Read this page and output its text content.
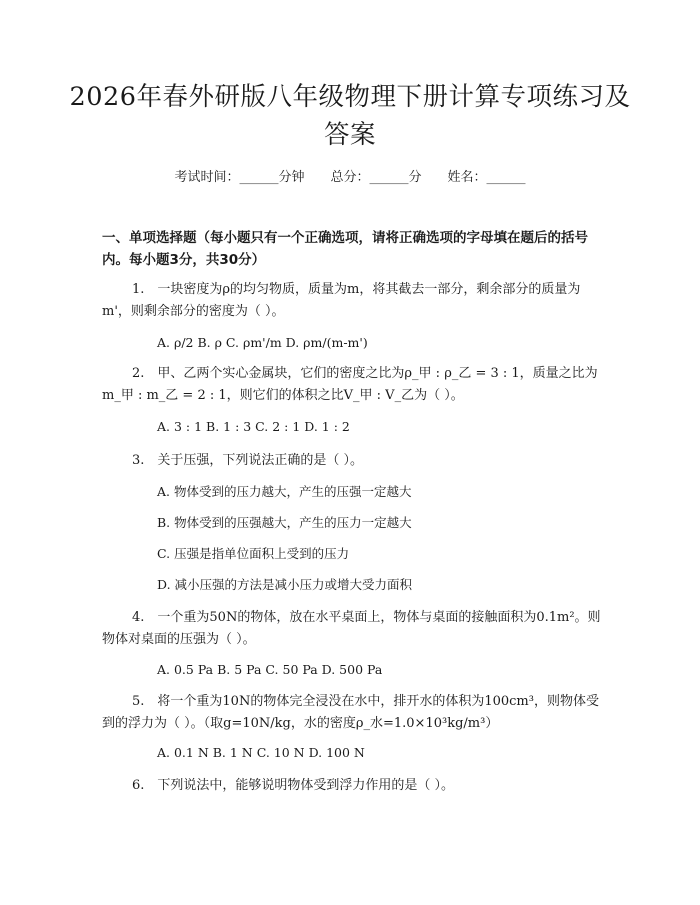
2026年春外研版八年级物理下册计算专项练习及答案
考试时间：______分钟 总分：______分 姓名：______
一、单项选择题（每小题只有一个正确选项，请将正确选项的字母填在题后的括号内。每小题3分，共30分）
1.　一块密度为ρ的均匀物质，质量为m，将其截去一部分，剩余部分的质量为m'，则剩余部分的密度为（ ）。
A. ρ/2 B. ρ C. ρm'/m D. ρm/(m-m')
2.　甲、乙两个实心金属块，它们的密度之比为ρ_甲 : ρ_乙 = 3 : 1，质量之比为m_甲 : m_乙 = 2 : 1，则它们的体积之比V_甲 : V_乙为（ ）。
A. 3 : 1 B. 1 : 3 C. 2 : 1 D. 1 : 2
3.　关于压强，下列说法正确的是（ ）。
A. 物体受到的压力越大，产生的压强一定越大
B. 物体受到的压强越大，产生的压力一定越大
C. 压强是指单位面积上受到的压力
D. 减小压强的方法是减小压力或增大受力面积
4.　一个重为50N的物体，放在水平桌面上，物体与桌面的接触面积为0.1m²。则物体对桌面的压强为（ ）。
A. 0.5 Pa B. 5 Pa C. 50 Pa D. 500 Pa
5.　将一个重为10N的物体完全浸没在水中，排开水的体积为100cm³，则物体受到的浮力为（ ）。（取g=10N/kg，水的密度ρ_水=1.0×10³kg/m³）
A. 0.1 N B. 1 N C. 10 N D. 100 N
6.　下列说法中，能够说明物体受到浮力作用的是（ ）。
